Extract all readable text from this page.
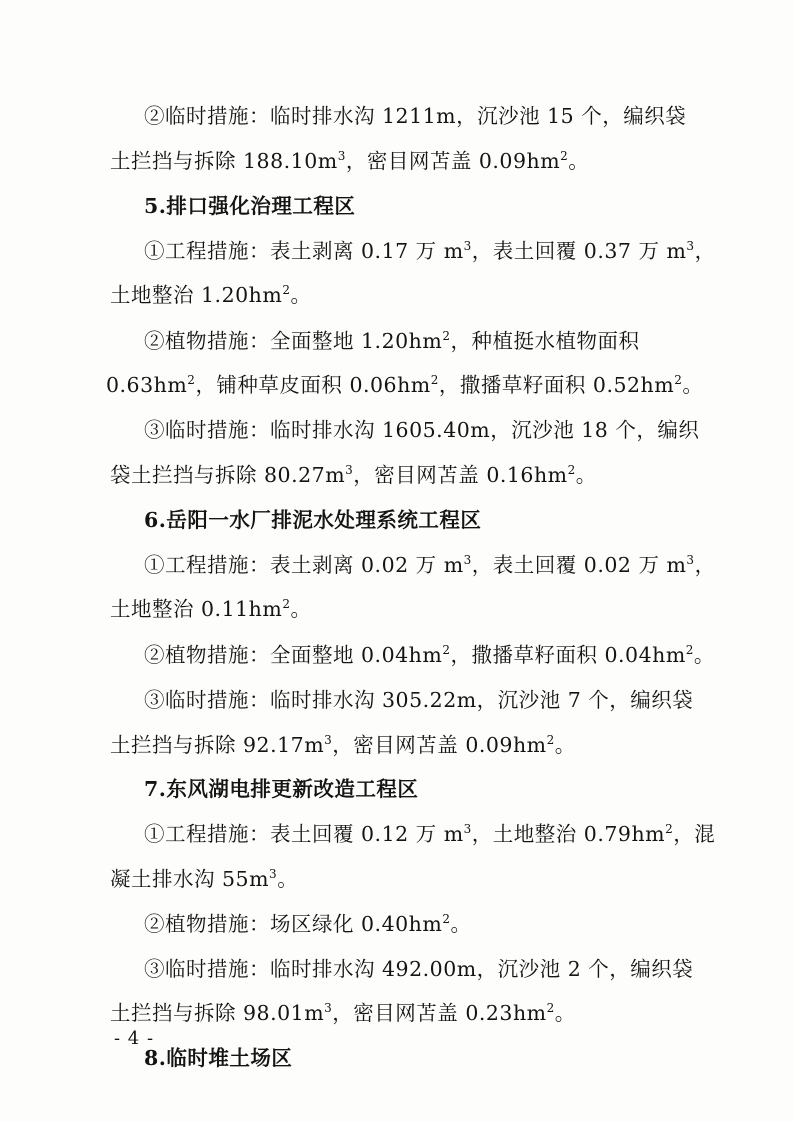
②临时措施：临时排水沟 1211m，沉沙池 15 个，编织袋
土拦挡与拆除 $188.10m^3$，密目网苫盖 $0.09hm^2$。
5.排口强化治理工程区
①工程措施：表土剥离 0.17 万 $m^3$，表土回覆 0.37 万 $m^3$，
土地整治 $1.20hm^2$。
②植物措施：全面整地 $1.20hm^2$，种植挺水植物面积
$0.63hm^2$，铺种草皮面积 $0.06hm^2$，撒播草籽面积 $0.52hm^2$。
③临时措施：临时排水沟 1605.40m，沉沙池 18 个，编织
袋土拦挡与拆除 $80.27m^3$，密目网苫盖 $0.16hm^2$。
6.岳阳一水厂排泥水处理系统工程区
①工程措施：表土剥离 0.02 万 $m^3$，表土回覆 0.02 万 $m^3$，
土地整治 $0.11hm^2$。
②植物措施：全面整地 $0.04hm^2$，撒播草籽面积 $0.04hm^2$。
③临时措施：临时排水沟 305.22m，沉沙池 7 个，编织袋
土拦挡与拆除 $92.17m^3$，密目网苫盖 $0.09hm^2$。
7.东风湖电排更新改造工程区
①工程措施：表土回覆 0.12 万 $m^3$，土地整治 $0.79hm^2$，混
凝土排水沟 $55m^3$。
②植物措施：场区绿化 $0.40hm^2$。
③临时措施：临时排水沟 492.00m，沉沙池 2 个，编织袋
土拦挡与拆除 $98.01m^3$，密目网苫盖 $0.23hm^2$。
8.临时堆土场区
- 4 -
